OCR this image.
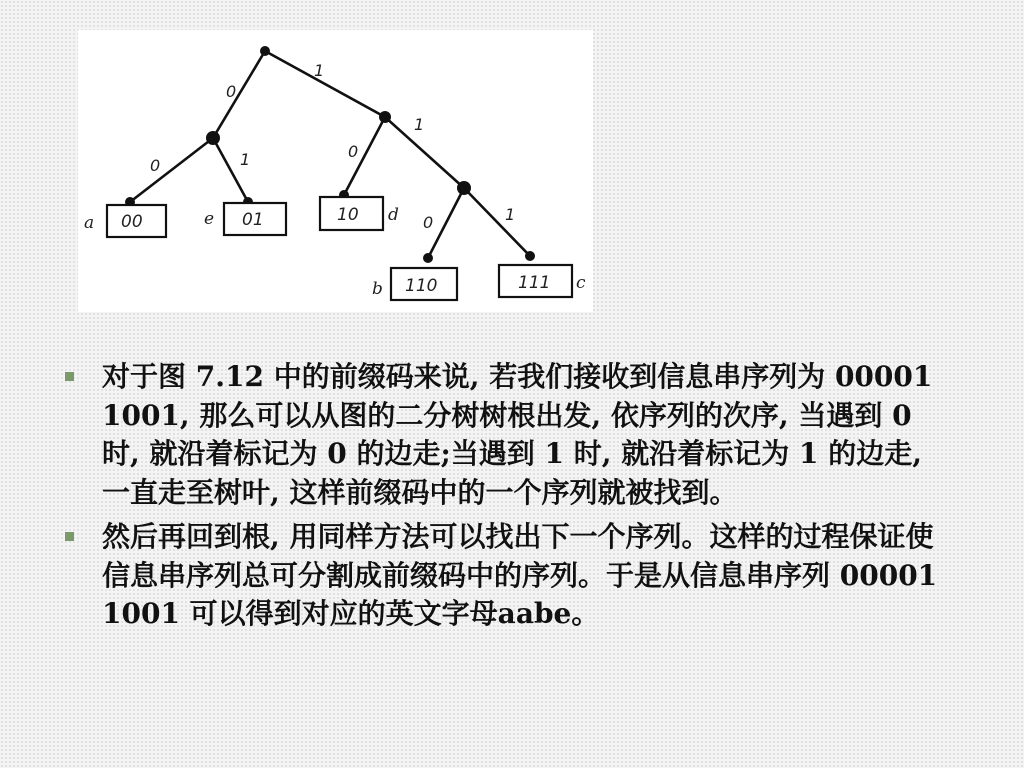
0
1
0	1	0
1
0	1
00	01	10
110	111
a	e	d
b	c
对于图 7.12 中的前缀码来说, 若我们接收到信息串序列为 000011001, 那么可以从图的二分树树根出发, 依序列的次序, 当遇到 0 时, 就沿着标记为 0 的边走;当遇到 1 时, 就沿着标记为 1 的边走, 一直走至树叶, 这样前缀码中的一个序列就被找到。
然后再回到根, 用同样方法可以找出下一个序列。这样的过程保证使信息串序列总可分割成前缀码中的序列。于是从信息串序列 000011001 可以得到对应的英文字母aabe。
